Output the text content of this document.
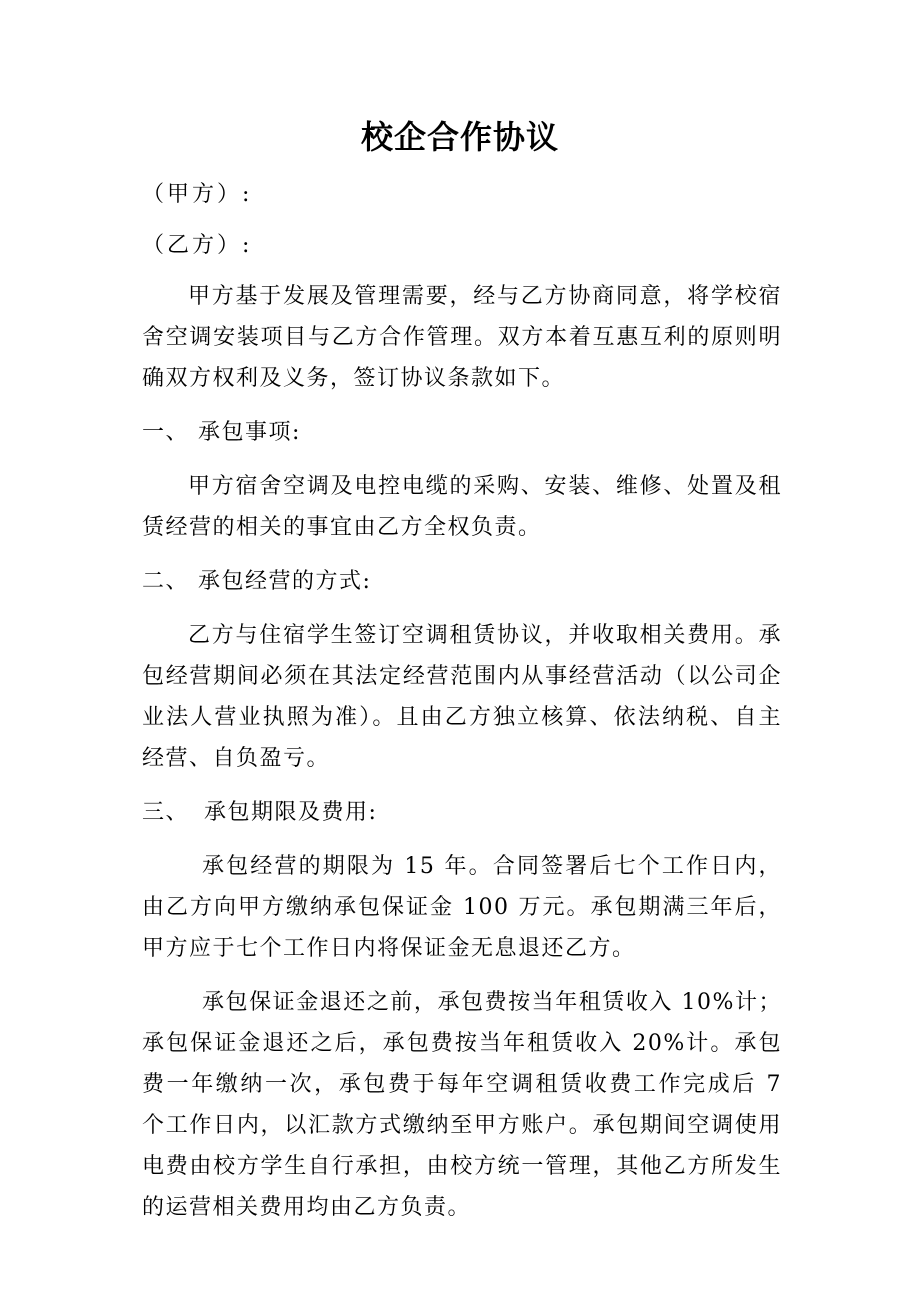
校企合作协议

（甲方）:

（乙方）:

甲方基于发展及管理需要，经与乙方协商同意，将学校宿舍空调安装项目与乙方合作管理。双方本着互惠互利的原则明确双方权利及义务，签订协议条款如下。

一、 承包事项:

甲方宿舍空调及电控电缆的采购、安装、维修、处置及租赁经营的相关的事宜由乙方全权负责。

二、 承包经营的方式:

乙方与住宿学生签订空调租赁协议，并收取相关费用。承包经营期间必须在其法定经营范围内从事经营活动（以公司企业法人营业执照为准）。且由乙方独立核算、依法纳税、自主经营、自负盈亏。

三、 承包期限及费用:

承包经营的期限为 15 年。合同签署后七个工作日内，由乙方向甲方缴纳承包保证金 100 万元。承包期满三年后，甲方应于七个工作日内将保证金无息退还乙方。

承包保证金退还之前，承包费按当年租赁收入 10%计；承包保证金退还之后，承包费按当年租赁收入 20%计。承包费一年缴纳一次，承包费于每年空调租赁收费工作完成后 7 个工作日内，以汇款方式缴纳至甲方账户。承包期间空调使用电费由校方学生自行承担，由校方统一管理，其他乙方所发生的运营相关费用均由乙方负责。
